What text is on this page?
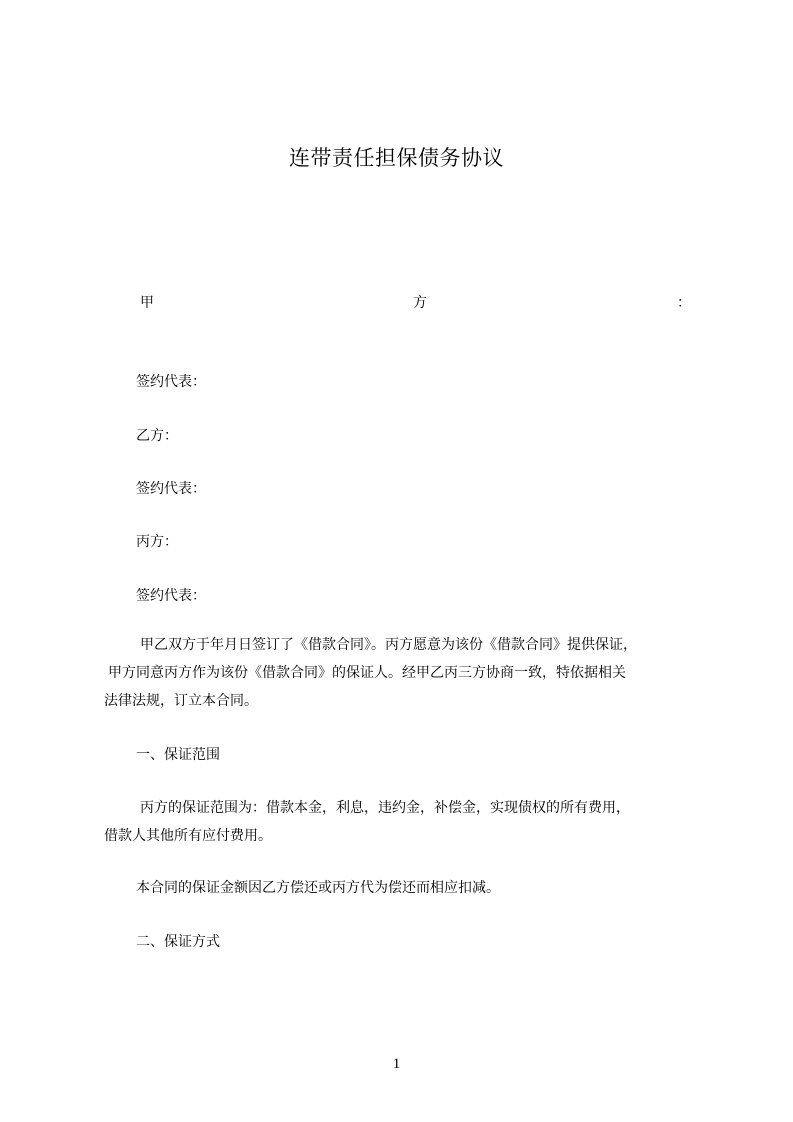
连带责任担保债务协议
甲	方	：
签约代表：
乙方：
签约代表：
丙方：
签约代表：
甲乙双方于年月日签订了《借款合同》。丙方愿意为该份《借款合同》提供保证，
甲方同意丙方作为该份《借款合同》的保证人。经甲乙丙三方协商一致，特依据相关
法律法规，订立本合同。
一、保证范围
丙方的保证范围为：借款本金，利息，违约金，补偿金，实现债权的所有费用，
借款人其他所有应付费用。
本合同的保证金额因乙方偿还或丙方代为偿还而相应扣减。
二、保证方式
1
